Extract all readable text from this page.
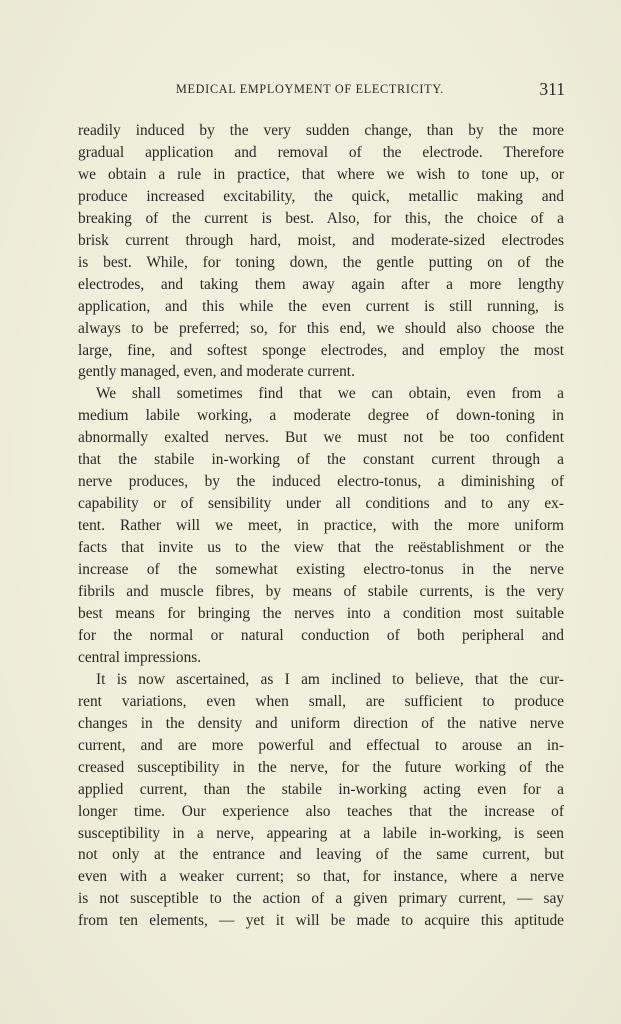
MEDICAL EMPLOYMENT OF ELECTRICITY.	311
readily induced by the very sudden change, than by the more
gradual application and removal of the electrode. Therefore
we obtain a rule in practice, that where we wish to tone up, or
produce increased excitability, the quick, metallic making and
breaking of the current is best. Also, for this, the choice of a
brisk current through hard, moist, and moderate-sized electrodes
is best. While, for toning down, the gentle putting on of the
electrodes, and taking them away again after a more lengthy
application, and this while the even current is still running, is
always to be preferred; so, for this end, we should also choose the
large, fine, and softest sponge electrodes, and employ the most
gently managed, even, and moderate current.
We shall sometimes find that we can obtain, even from a
medium labile working, a moderate degree of down-toning in
abnormally exalted nerves. But we must not be too confident
that the stabile in-working of the constant current through a
nerve produces, by the induced electro-tonus, a diminishing of
capability or of sensibility under all conditions and to any ex-
tent. Rather will we meet, in practice, with the more uniform
facts that invite us to the view that the reëstablishment or the
increase of the somewhat existing electro-tonus in the nerve
fibrils and muscle fibres, by means of stabile currents, is the very
best means for bringing the nerves into a condition most suitable
for the normal or natural conduction of both peripheral and
central impressions.
It is now ascertained, as I am inclined to believe, that the cur-
rent variations, even when small, are sufficient to produce
changes in the density and uniform direction of the native nerve
current, and are more powerful and effectual to arouse an in-
creased susceptibility in the nerve, for the future working of the
applied current, than the stabile in-working acting even for a
longer time. Our experience also teaches that the increase of
susceptibility in a nerve, appearing at a labile in-working, is seen
not only at the entrance and leaving of the same current, but
even with a weaker current; so that, for instance, where a nerve
is not susceptible to the action of a given primary current, — say
from ten elements, — yet it will be made to acquire this aptitude
